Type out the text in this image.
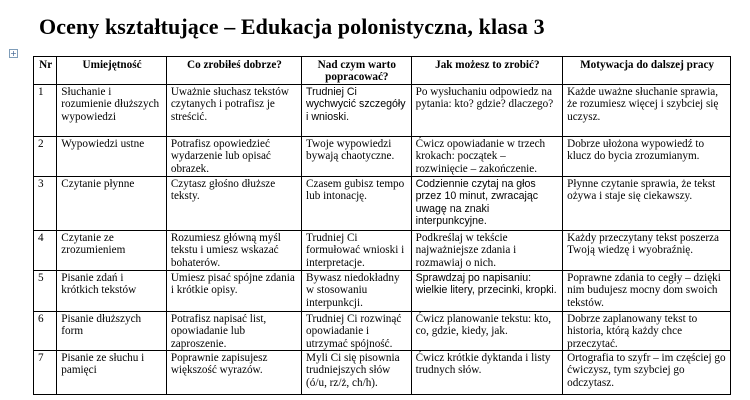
Oceny kształtujące – Edukacja polonistyczna, klasa 3
+
Nr	Umiejętność	Co zrobiłeś dobrze?	Nad czym warto popracować?	Jak możesz to zrobić?	Motywacja do dalszej pracy
1	Słuchanie i rozumienie dłuższych wypowiedzi	Uważnie słuchasz tekstów czytanych i potrafisz je streścić.	Trudniej Ci wychwycić szczegóły i wnioski.	Po wysłuchaniu odpowiedz na pytania: kto? gdzie? dlaczego?	Każde uważne słuchanie sprawia, że rozumiesz więcej i szybciej się uczysz.
2	Wypowiedzi ustne	Potrafisz opowiedzieć wydarzenie lub opisać obrazek.	Twoje wypowiedzi bywają chaotyczne.	Ćwicz opowiadanie w trzech krokach: początek – rozwinięcie – zakończenie.	Dobrze ułożona wypowiedź to klucz do bycia zrozumianym.
3	Czytanie płynne	Czytasz głośno dłuższe teksty.	Czasem gubisz tempo lub intonację.	Codziennie czytaj na głos przez 10 minut, zwracając uwagę na znaki interpunkcyjne.	Płynne czytanie sprawia, że tekst ożywa i staje się ciekawszy.
4	Czytanie ze zrozumieniem	Rozumiesz główną myśl tekstu i umiesz wskazać bohaterów.	Trudniej Ci formułować wnioski i interpretacje.	Podkreślaj w tekście najważniejsze zdania i rozmawiaj o nich.	Każdy przeczytany tekst poszerza Twoją wiedzę i wyobraźnię.
5	Pisanie zdań i krótkich tekstów	Umiesz pisać spójne zdania i krótkie opisy.	Bywasz niedokładny w stosowaniu interpunkcji.	Sprawdzaj po napisaniu: wielkie litery, przecinki, kropki.	Poprawne zdania to cegły – dzięki nim budujesz mocny dom swoich tekstów.
6	Pisanie dłuższych form	Potrafisz napisać list, opowiadanie lub zaproszenie.	Trudniej Ci rozwinąć opowiadanie i utrzymać spójność.	Ćwicz planowanie tekstu: kto, co, gdzie, kiedy, jak.	Dobrze zaplanowany tekst to historia, którą każdy chce przeczytać.
7	Pisanie ze słuchu i pamięci	Poprawnie zapisujesz większość wyrazów.	Myli Ci się pisownia trudniejszych słów (ó/u, rz/ż, ch/h).	Ćwicz krótkie dyktanda i listy trudnych słów.	Ortografia to szyfr – im częściej go ćwiczysz, tym szybciej go odczytasz.
